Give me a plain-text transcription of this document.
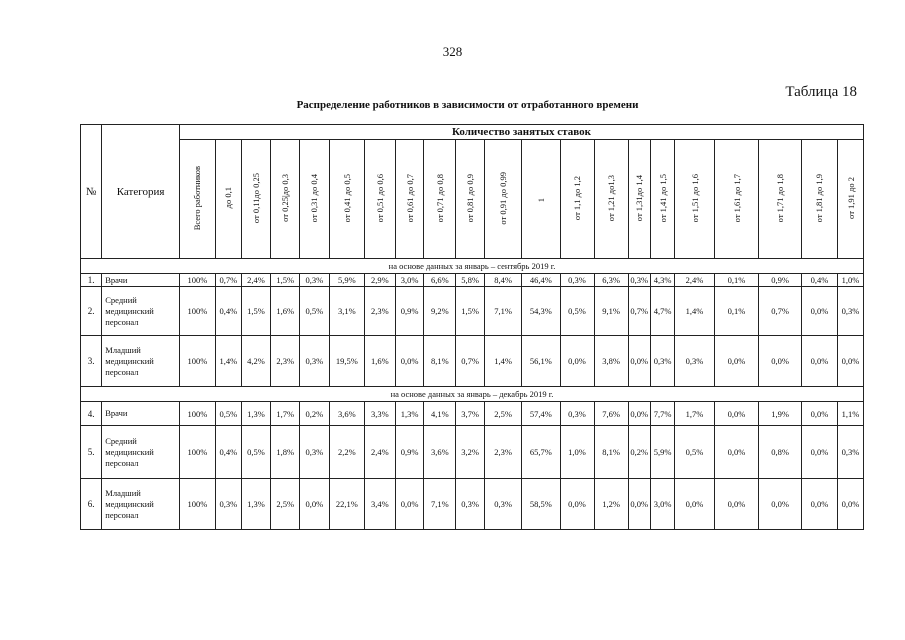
328
Таблица 18
Распределение работников в зависимости от отработанного времени
№	Категория	Количество занятых ставок																				
		Всего работников	до 0,1	от 0,11до 0,25	от 0,25|до 0,3	от 0,31 до 0,4	от 0,41 до 0,5	от 0,51 до 0,6	от 0,61 до 0,7	от 0,71 до 0,8	от 0,81 до 0,9	от 0,91 до 0,99	1	от 1,1 до 1,2	от 1,21 до1,3	от 1,31до 1,4	от 1,41 до 1,5	от 1,51 до 1,6	от 1,61 до 1,7	от 1,71 до 1,8	от 1,81 до 1,9	от 1,91 до 2
на основе данных за январь – сентябрь 2019 г.																						
1.	Врачи	100%	0,7%	2,4%	1,5%	0,3%	5,9%	2,9%	3,0%	6,6%	5,8%	8,4%	46,4%	0,3%	6,3%	0,3%	4,3%	2,4%	0,1%	0,9%	0,4%	1,0%
2.	Средний медицинский персонал	100%	0,4%	1,5%	1,6%	0,5%	3,1%	2,3%	0,9%	9,2%	1,5%	7,1%	54,3%	0,5%	9,1%	0,7%	4,7%	1,4%	0,1%	0,7%	0,0%	0,3%
3.	Младший медицинский персонал	100%	1,4%	4,2%	2,3%	0,3%	19,5%	1,6%	0,0%	8,1%	0,7%	1,4%	56,1%	0,0%	3,8%	0,0%	0,3%	0,3%	0,0%	0,0%	0,0%	0,0%
на основе данных за январь – декабрь 2019 г.																						
4.	Врачи	100%	0,5%	1,3%	1,7%	0,2%	3,6%	3,3%	1,3%	4,1%	3,7%	2,5%	57,4%	0,3%	7,6%	0,0%	7,7%	1,7%	0,0%	1,9%	0,0%	1,1%
5.	Средний медицинский персонал	100%	0,4%	0,5%	1,8%	0,3%	2,2%	2,4%	0,9%	3,6%	3,2%	2,3%	65,7%	1,0%	8,1%	0,2%	5,9%	0,5%	0,0%	0,8%	0,0%	0,3%
6.	Младший медицинский персонал	100%	0,3%	1,3%	2,5%	0,0%	22,1%	3,4%	0,0%	7,1%	0,3%	0,3%	58,5%	0,0%	1,2%	0,0%	3,0%	0,0%	0,0%	0,0%	0,0%	0,0%
